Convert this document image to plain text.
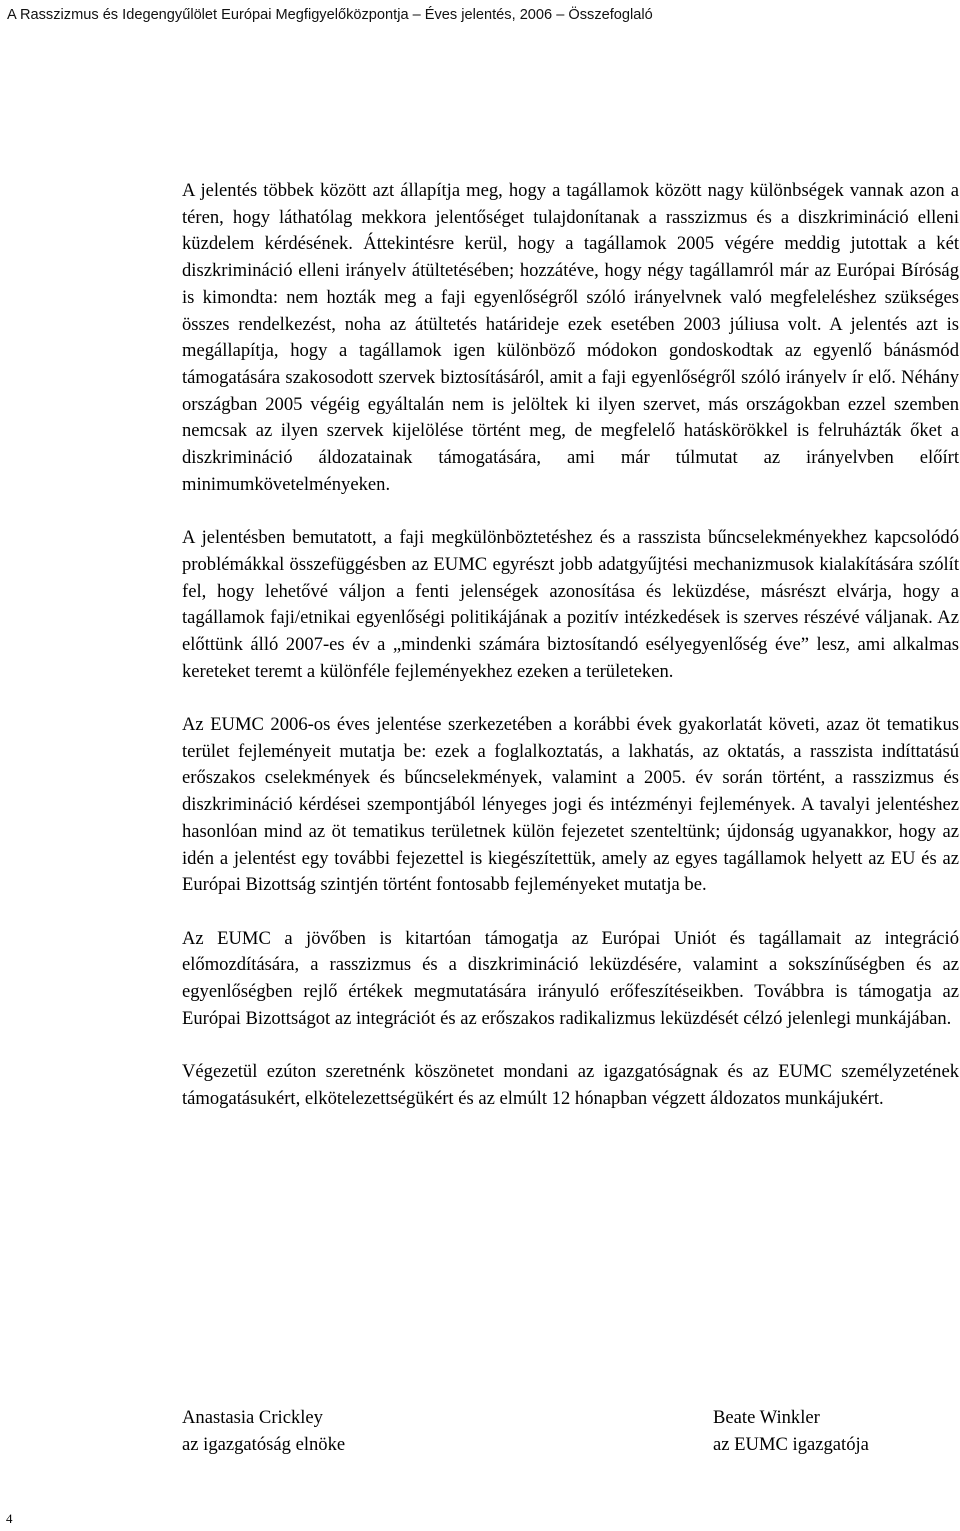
A Rasszizmus és Idegengyűlölet Európai Megfigyelőközpontja – Éves jelentés, 2006 – Összefoglaló

A jelentés többek között azt állapítja meg, hogy a tagállamok között nagy különbségek vannak azon a téren, hogy láthatólag mekkora jelentőséget tulajdonítanak a rasszizmus és a diszkrimináció elleni küzdelem kérdésének. Áttekintésre kerül, hogy a tagállamok 2005 végére meddig jutottak a két diszkrimináció elleni irányelv átültetésében; hozzátéve, hogy négy tagállamról már az Európai Bíróság is kimondta: nem hozták meg a faji egyenlőségről szóló irányelvnek való megfeleléshez szükséges összes rendelkezést, noha az átültetés határideje ezek esetében 2003 júliusa volt. A jelentés azt is megállapítja, hogy a tagállamok igen különböző módokon gondoskodtak az egyenlő bánásmód támogatására szakosodott szervek biztosításáról, amit a faji egyenlőségről szóló irányelv ír elő. Néhány országban 2005 végéig egyáltalán nem is jelöltek ki ilyen szervet, más országokban ezzel szemben nemcsak az ilyen szervek kijelölése történt meg, de megfelelő hatáskörökkel is felruházták őket a diszkrimináció áldozatainak támogatására, ami már túlmutat az irányelvben előírt minimumkövetelményeken.

A jelentésben bemutatott, a faji megkülönböztetéshez és a rasszista bűncselekményekhez kapcsolódó problémákkal összefüggésben az EUMC egyrészt jobb adatgyűjtési mechanizmusok kialakítására szólít fel, hogy lehetővé váljon a fenti jelenségek azonosítása és leküzdése, másrészt elvárja, hogy a tagállamok faji/etnikai egyenlőségi politikájának a pozitív intézkedések is szerves részévé váljanak. Az előttünk álló 2007-es év a „mindenki számára biztosítandó esélyegyenlőség éve” lesz, ami alkalmas kereteket teremt a különféle fejleményekhez ezeken a területeken.

Az EUMC 2006-os éves jelentése szerkezetében a korábbi évek gyakorlatát követi, azaz öt tematikus terület fejleményeit mutatja be: ezek a foglalkoztatás, a lakhatás, az oktatás, a rasszista indíttatású erőszakos cselekmények és bűncselekmények, valamint a 2005. év során történt, a rasszizmus és diszkrimináció kérdései szempontjából lényeges jogi és intézményi fejlemények. A tavalyi jelentéshez hasonlóan mind az öt tematikus területnek külön fejezetet szenteltünk; újdonság ugyanakkor, hogy az idén a jelentést egy további fejezettel is kiegészítettük, amely az egyes tagállamok helyett az EU és az Európai Bizottság szintjén történt fontosabb fejleményeket mutatja be.

Az EUMC a jövőben is kitartóan támogatja az Európai Uniót és tagállamait az integráció előmozdítására, a rasszizmus és a diszkrimináció leküzdésére, valamint a sokszínűségben és az egyenlőségben rejlő értékek megmutatására irányuló erőfeszítéseikben. Továbbra is támogatja az Európai Bizottságot az integrációt és az erőszakos radikalizmus leküzdését célzó jelenlegi munkájában.

Végezetül ezúton szeretnénk köszönetet mondani az igazgatóságnak és az EUMC személyzetének támogatásukért, elkötelezettségükért és az elmúlt 12 hónapban végzett áldozatos munkájukért.

Anastasia Crickley
az igazgatóság elnöke
Beate Winkler
az EUMC igazgatója
4
